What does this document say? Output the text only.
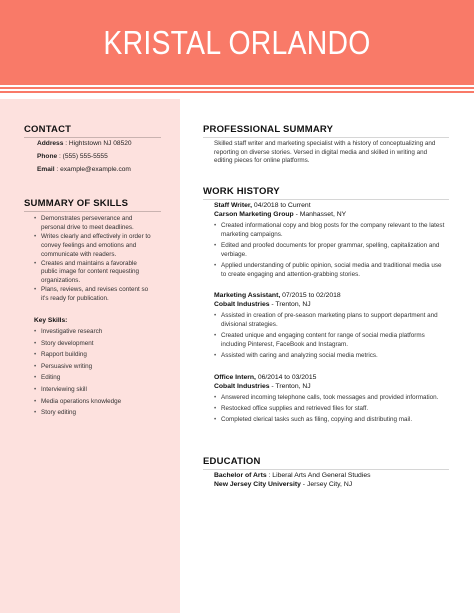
KRISTAL ORLANDO
CONTACT
Address : Hightstown NJ 08520
Phone : (555) 555-5555
Email : example@example.com
SUMMARY OF SKILLS
• Demonstrates perseverance and personal drive to meet deadlines.
• Writes clearly and effectively in order to convey feelings and emotions and communicate with readers.
• Creates and maintains a favorable public image for content requesting organizations.
• Plans, reviews, and revises content so it's ready for publication.
Key Skills:
• Investigative research
• Story development
• Rapport building
• Persuasive writing
• Editing
• Interviewing skill
• Media operations knowledge
• Story editing
PROFESSIONAL SUMMARY
Skilled staff writer and marketing specialist with a history of conceptualizing and reporting on diverse stories. Versed in digital media and skilled in writing and editing pieces for online platforms.
WORK HISTORY
Staff Writer, 04/2018 to Current
Carson Marketing Group - Manhasset, NY
• Created informational copy and blog posts for the company relevant to the latest marketing campaigns.
• Edited and proofed documents for proper grammar, spelling, capitalization and verbiage.
• Applied understanding of public opinion, social media and traditional media use to create engaging and attention-grabbing stories.
Marketing Assistant, 07/2015 to 02/2018
Cobalt Industries - Trenton, NJ
• Assisted in creation of pre-season marketing plans to support department and divisional strategies.
• Created unique and engaging content for range of social media platforms including Pinterest, FaceBook and Instagram.
• Assisted with caring and analyzing social media metrics.
Office Intern, 06/2014 to 03/2015
Cobalt Industries - Trenton, NJ
• Answered incoming telephone calls, took messages and provided information.
• Restocked office supplies and retrieved files for staff.
• Completed clerical tasks such as filing, copying and distributing mail.
EDUCATION
Bachelor of Arts : Liberal Arts And General Studies
New Jersey City University - Jersey City, NJ
